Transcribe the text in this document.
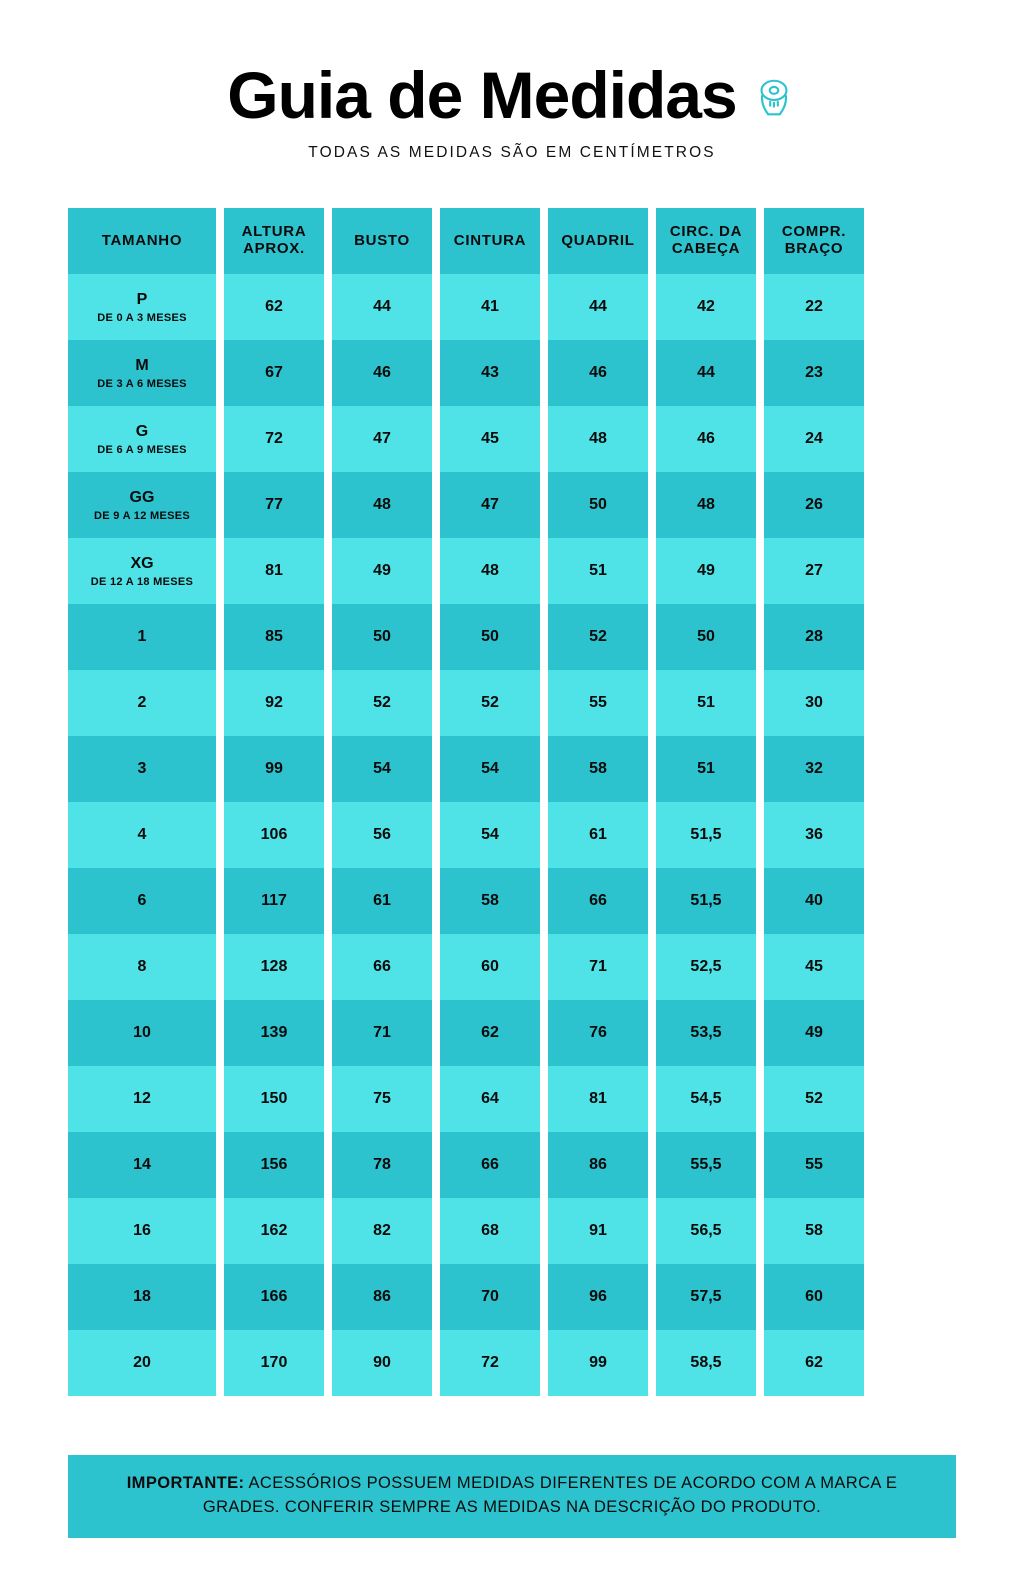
Guia de Medidas
TODAS AS MEDIDAS SÃO EM CENTÍMETROS
TAMANHO
P
DE 0 A 3 MESES
M
DE 3 A 6 MESES
G
DE 6 A 9 MESES
GG
DE 9 A 12 MESES
XG
DE 12 A 18 MESES
1
2
3
4
6
8
10
12
14
16
18
20
ALTURA APROX.
62
67
72
77
81
85
92
99
106
117
128
139
150
156
162
166
170
BUSTO
44
46
47
48
49
50
52
54
56
61
66
71
75
78
82
86
90
CINTURA
41
43
45
47
48
50
52
54
54
58
60
62
64
66
68
70
72
QUADRIL
44
46
48
50
51
52
55
58
61
66
71
76
81
86
91
96
99
CIRC. DA CABEÇA
42
44
46
48
49
50
51
51
51,5
51,5
52,5
53,5
54,5
55,5
56,5
57,5
58,5
COMPR. BRAÇO
22
23
24
26
27
28
30
32
36
40
45
49
52
55
58
60
62
IMPORTANTE: ACESSÓRIOS POSSUEM MEDIDAS DIFERENTES DE ACORDO COM A MARCA E GRADES. CONFERIR SEMPRE AS MEDIDAS NA DESCRIÇÃO DO PRODUTO.
